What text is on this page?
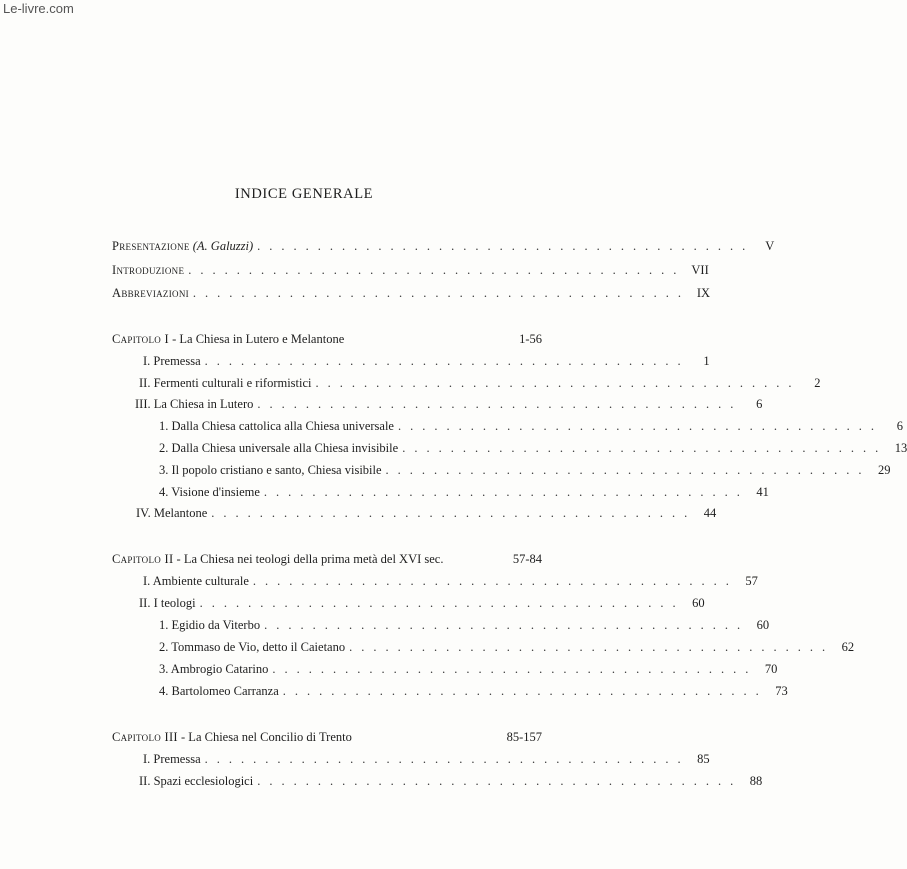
Le-livre.com
INDICE GENERALE
Presentazione (A. Galuzzi) ......................................... V
Introduzione ......................................... VII
Abbreviazioni ......................................... IX
Capitolo I - La Chiesa in Lutero e Melantone	1-56
I. Premessa ........................................	1
II. Fermenti culturali e riformistici ........................................	2
III. La Chiesa in Lutero ........................................	6
1. Dalla Chiesa cattolica alla Chiesa universale ........................................	6
2. Dalla Chiesa universale alla Chiesa invisibile ........................................ 13
3. Il popolo cristiano e santo, Chiesa visibile ........................................ 29
4. Visione d'insieme ........................................ 41
IV. Melantone ........................................ 44
Capitolo II - La Chiesa nei teologi della prima metà del XVI sec.	57-84
I. Ambiente culturale ........................................ 57
II. I teologi ........................................ 60
1. Egidio da Viterbo ........................................ 60
2. Tommaso de Vio, detto il Caietano ........................................ 62
3. Ambrogio Catarino ........................................ 70
4. Bartolomeo Carranza ........................................ 73
Capitolo III - La Chiesa nel Concilio di Trento	85-157
I. Premessa ........................................ 85
II. Spazi ecclesiologici ........................................ 88
